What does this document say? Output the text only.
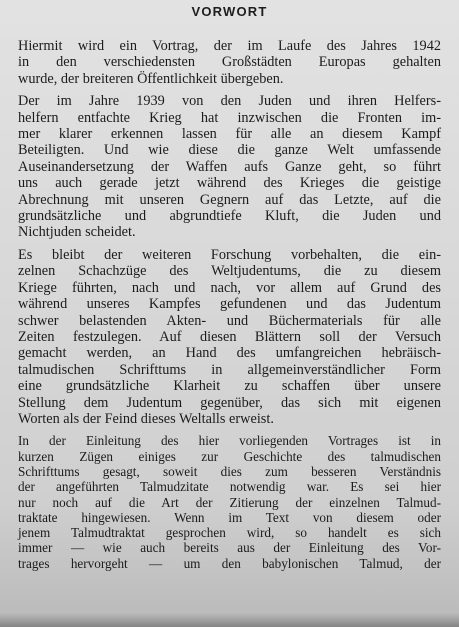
VORWORT
Hiermit wird ein Vortrag, der im Laufe des Jahres 1942
in den verschiedensten Großstädten Europas gehalten
wurde, der breiteren Öffentlichkeit übergeben.
Der im Jahre 1939 von den Juden und ihren Helfers-
helfern entfachte Krieg hat inzwischen die Fronten im-
mer klarer erkennen lassen für alle an diesem Kampf
Beteiligten. Und wie diese die ganze Welt umfassende
Auseinandersetzung der Waffen aufs Ganze geht, so führt
uns auch gerade jetzt während des Krieges die geistige
Abrechnung mit unseren Gegnern auf das Letzte, auf die
grundsätzliche und abgrundtiefe Kluft, die Juden und
Nichtjuden scheidet.
Es bleibt der weiteren Forschung vorbehalten, die ein-
zelnen Schachzüge des Weltjudentums, die zu diesem
Kriege führten, nach und nach, vor allem auf Grund des
während unseres Kampfes gefundenen und das Judentum
schwer belastenden Akten- und Büchermaterials für alle
Zeiten festzulegen. Auf diesen Blättern soll der Versuch
gemacht werden, an Hand des umfangreichen hebräisch-
talmudischen Schrifttums in allgemeinverständlicher Form
eine grundsätzliche Klarheit zu schaffen über unsere
Stellung dem Judentum gegenüber, das sich mit eigenen
Worten als der Feind dieses Weltalls erweist.
In der Einleitung des hier vorliegenden Vortrages ist in
kurzen Zügen einiges zur Geschichte des talmudischen
Schrifttums gesagt, soweit dies zum besseren Verständnis
der angeführten Talmudzitate notwendig war. Es sei hier
nur noch auf die Art der Zitierung der einzelnen Talmud-
traktate hingewiesen. Wenn im Text von diesem oder
jenem Talmudtraktat gesprochen wird, so handelt es sich
immer — wie auch bereits aus der Einleitung des Vor-
trages hervorgeht — um den babylonischen Talmud, der
